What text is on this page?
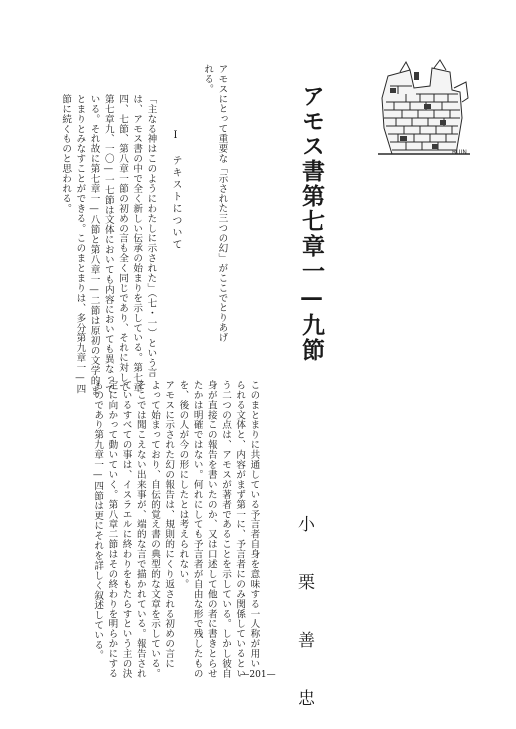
RUIN
アモス書第七章一—九節
アモスにとって重要な「示された三つの幻」がここでとりあげ
れる。
Ⅰ　テキストについて
「主なる神はこのようにわたしに示された」（七・一）という言
は、アモス書の中で全く新しい伝承の始まりを示している。第七章
四、七節、第八章一節の初めの言も全く同じであり、それに対して
第七章九、一〇—一七節は文体においても内容においても異なって
いる。それ故に第七章一—八節と第八章一—二節は原初の文学的ま
とまりとみなすことができる。このまとまりは、多分第九章一—四
節に続くものと思われる。
小　栗　善　忠
このまとまりに共通している予言者自身を意味する一人称が用い
られる文体と、内容がまず第一に、予言者にのみ関係しているとい
う二つの点は、アモスが著者であることを示している。しかし彼自
身が直接この報告を書いたのか、又は口述して他の者に書きとらせ
たかは明確ではない。何れにしても予言者が自由な形で残したもの
を、後の人が今の形にしたとは考えられない。
アモスに示された幻の報告は、規則的にくり返される初めの言に
よって始まっており、自伝的覚え書の典型的な文章を示している。
そこでは聞こえない出来事が、端的な言で描かれている。報告され
ているすべての事は、イスラエルに終わりをもたらすという主の決
定に向かって動いていく。第八章二節はその終わりを明らかにする
ものであり第九章一—四節は更にそれを詳しく叙述している。
—201—
